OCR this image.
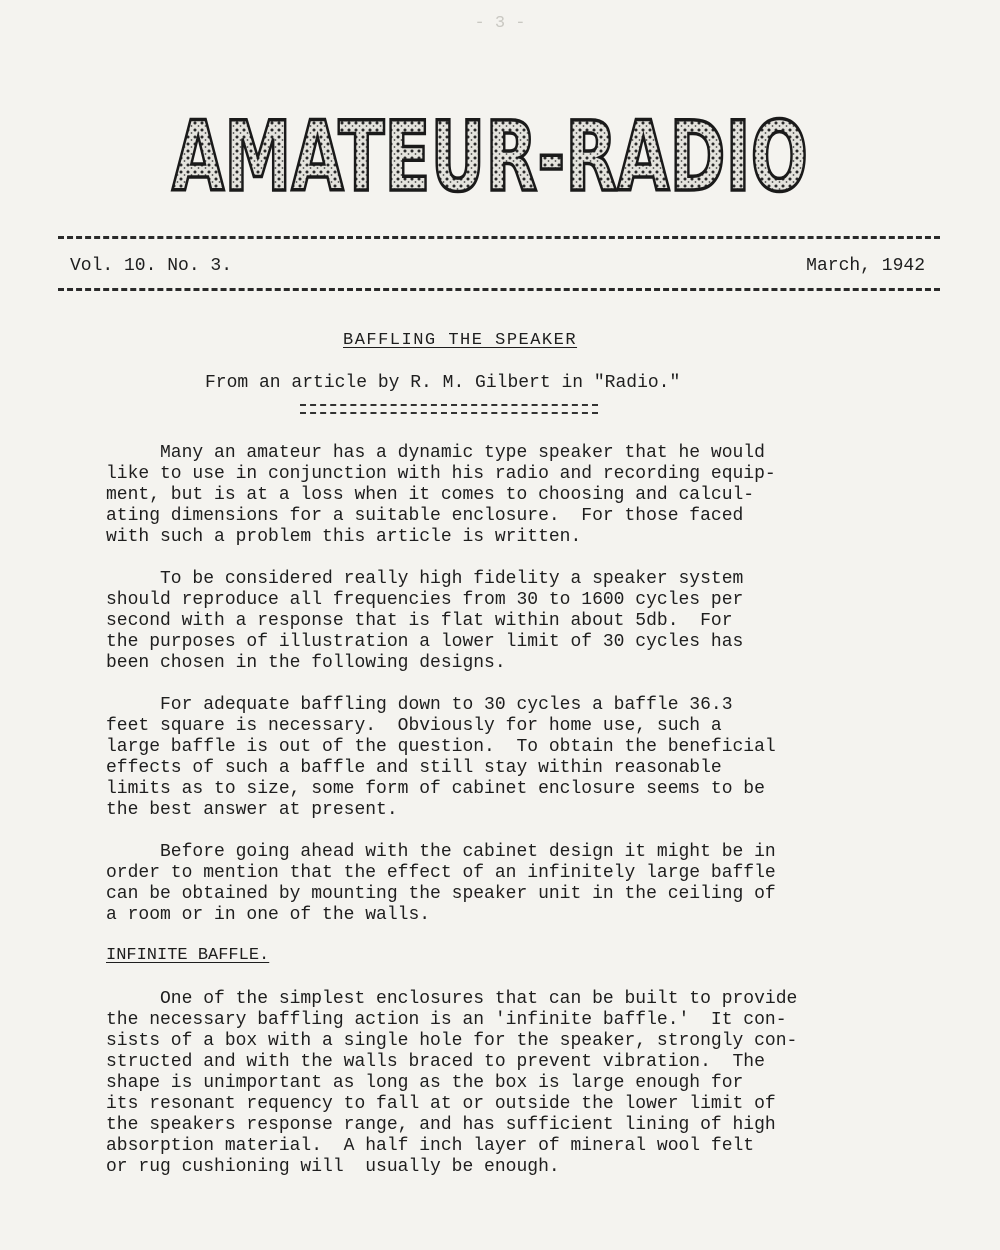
- 3 -
AMATEUR-RADIO
Vol. 10. No. 3.	March, 1942
BAFFLING THE SPEAKER
From an article by R. M. Gilbert in "Radio."
Many an amateur has a dynamic type speaker that he would
like to use in conjunction with his radio and recording equip-
ment, but is at a loss when it comes to choosing and calcul-
ating dimensions for a suitable enclosure.  For those faced
with such a problem this article is written.
To be considered really high fidelity a speaker system
should reproduce all frequencies from 30 to 1600 cycles per
second with a response that is flat within about 5db.  For
the purposes of illustration a lower limit of 30 cycles has
been chosen in the following designs.
For adequate baffling down to 30 cycles a baffle 36.3
feet square is necessary.  Obviously for home use, such a
large baffle is out of the question.  To obtain the beneficial
effects of such a baffle and still stay within reasonable
limits as to size, some form of cabinet enclosure seems to be
the best answer at present.
Before going ahead with the cabinet design it might be in
order to mention that the effect of an infinitely large baffle
can be obtained by mounting the speaker unit in the ceiling of
a room or in one of the walls.
INFINITE BAFFLE.
One of the simplest enclosures that can be built to provide
the necessary baffling action is an 'infinite baffle.'  It con-
sists of a box with a single hole for the speaker, strongly con-
structed and with the walls braced to prevent vibration.  The
shape is unimportant as long as the box is large enough for
its resonant requency to fall at or outside the lower limit of
the speakers response range, and has sufficient lining of high
absorption material.  A half inch layer of mineral wool felt
or rug cushioning will  usually be enough.
